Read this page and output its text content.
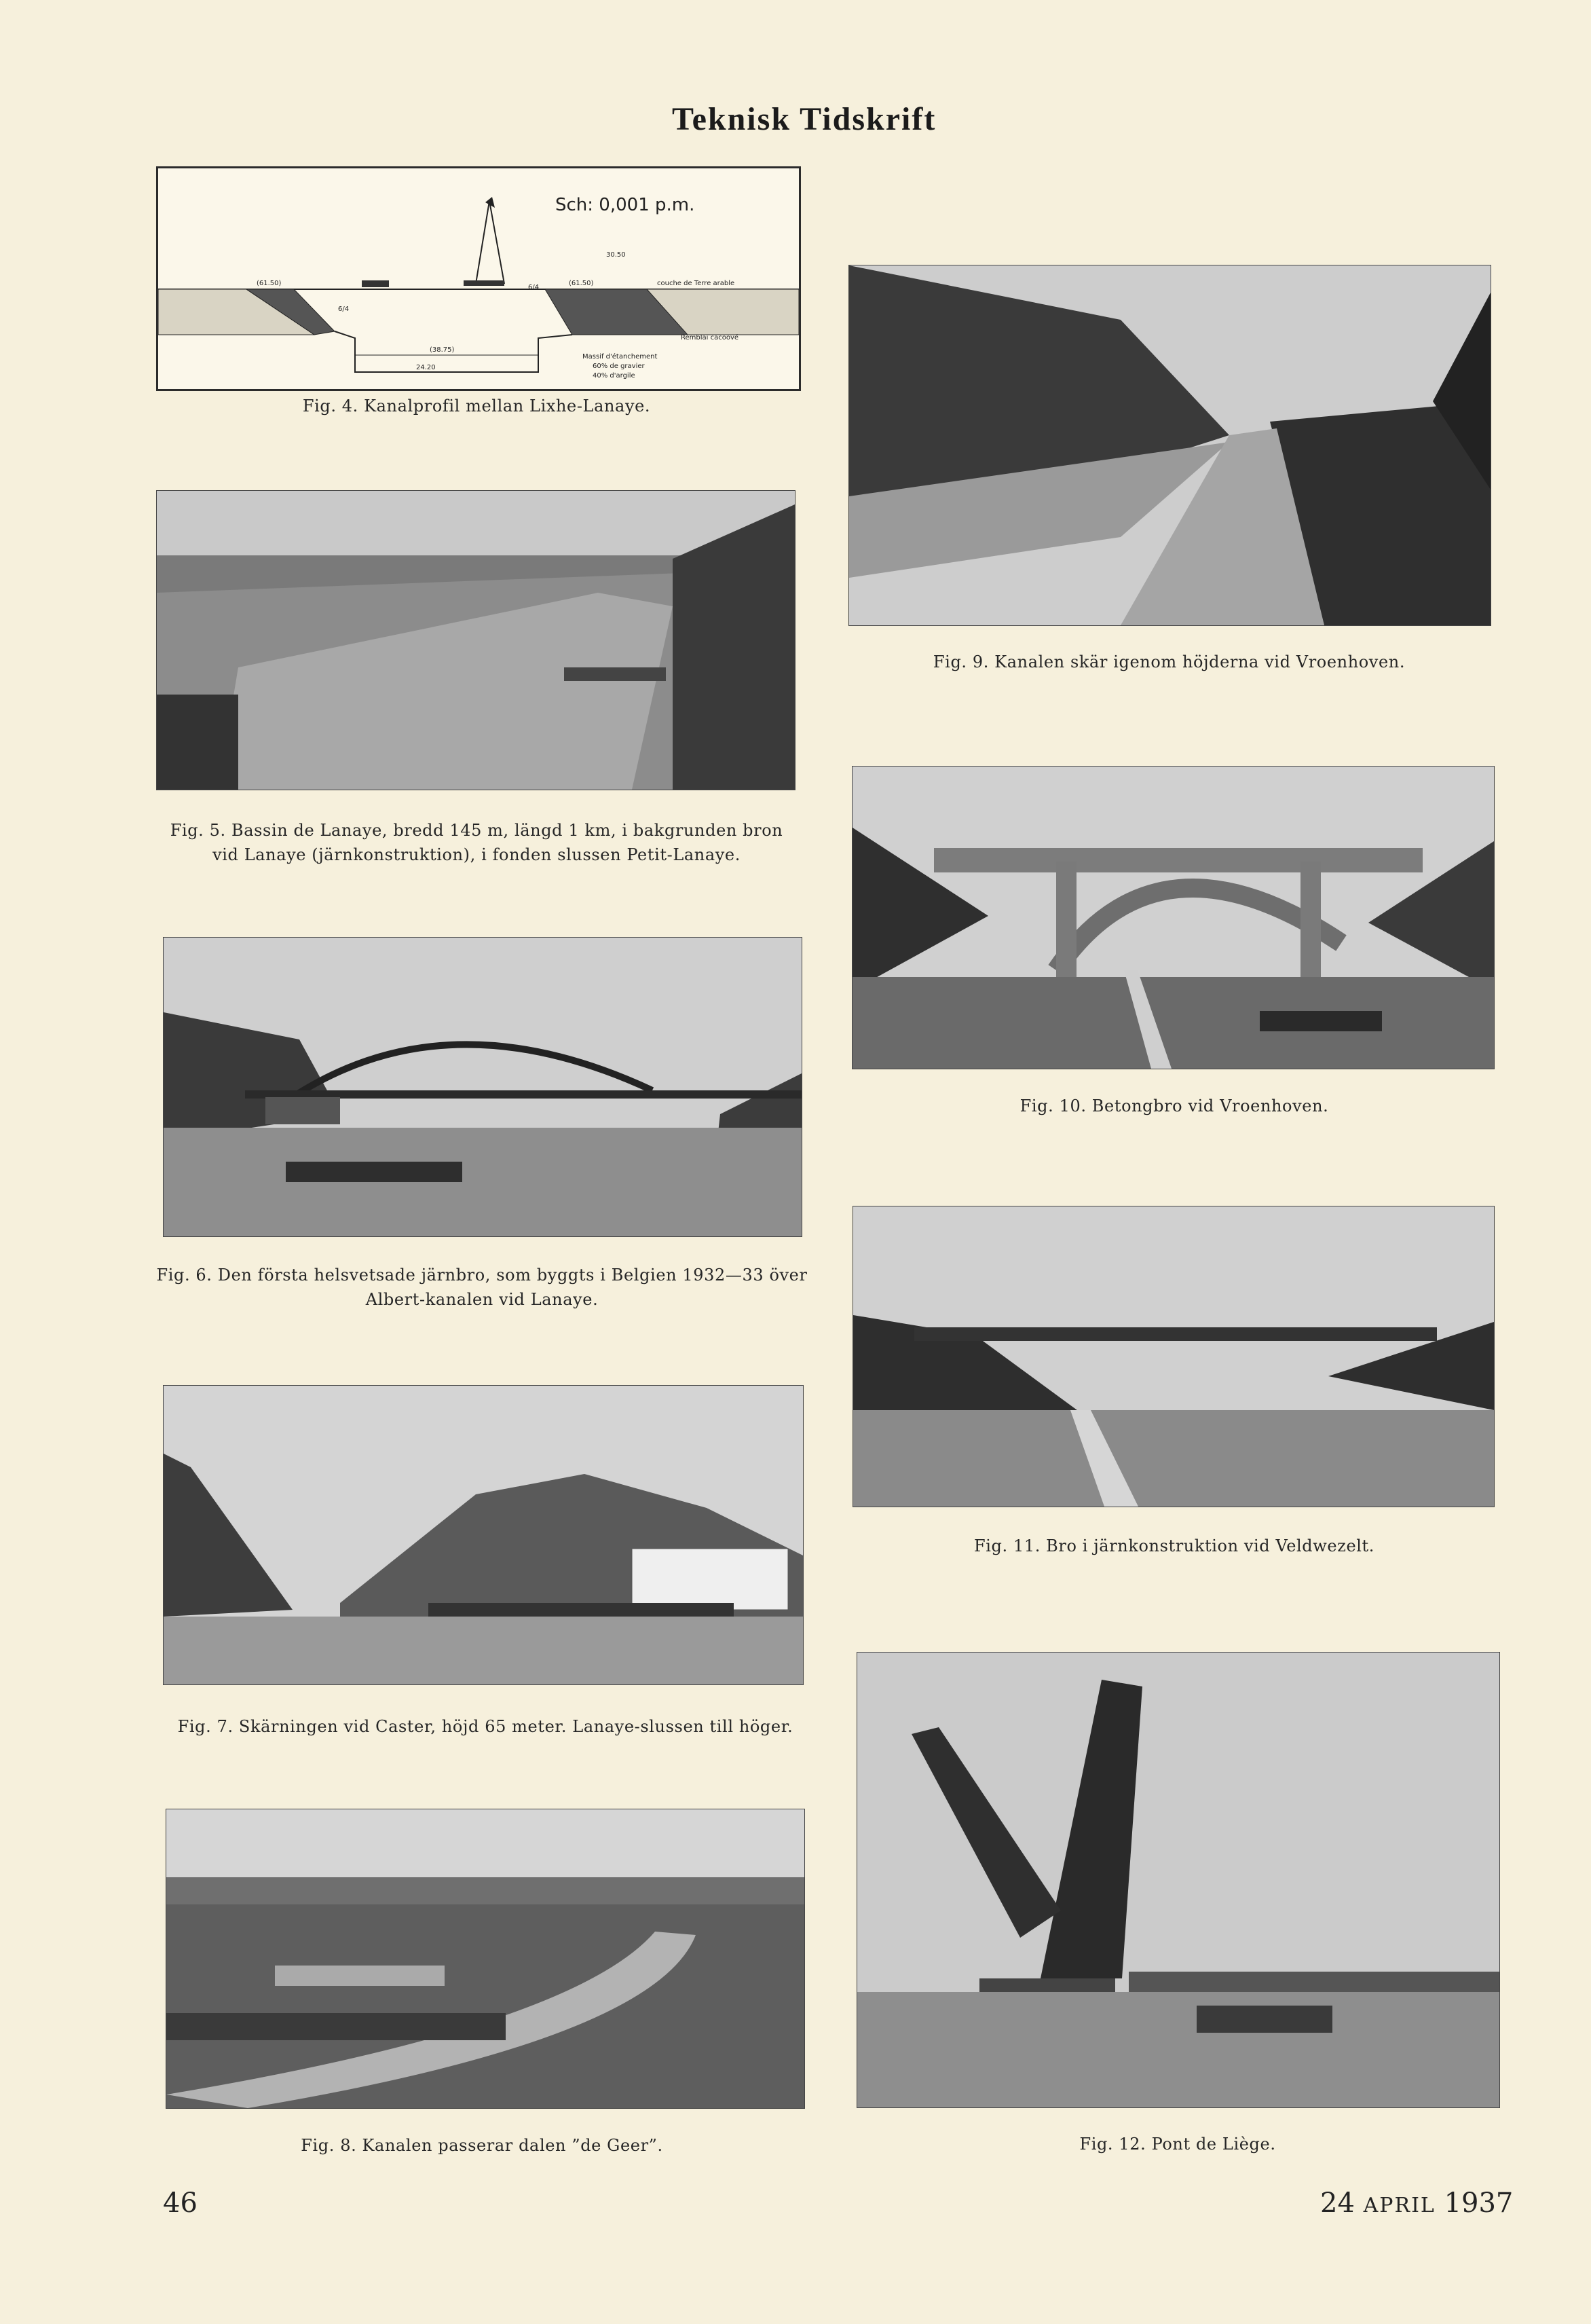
Teknisk Tidskrift
Sch: 0,001 p.m.
(61.50)	(61.50)
30.50
couche de Terre arable
(38.75)
24.20
6/4
6/4
Remblai cacoové
Massif d'étanchement
60% de gravier
40% d'argile
Fig. 4. Kanalprofil mellan Lixhe-Lanaye.
Fig. 5. Bassin de Lanaye, bredd 145 m, längd 1 km, i bakgrunden bron vid Lanaye (järnkonstruktion), i fonden slussen Petit-Lanaye.
Fig. 6. Den första helsvetsade järnbro, som byggts i Belgien 1932—33 över Albert-kanalen vid Lanaye.
Fig. 7. Skärningen vid Caster, höjd 65 meter. Lanaye-slussen till höger.
Fig. 8. Kanalen passerar dalen ”de Geer”.
Fig. 9. Kanalen skär igenom höjderna vid Vroenhoven.
Fig. 10. Betongbro vid Vroenhoven.
Fig. 11. Bro i järnkonstruktion vid Veldwezelt.
Fig. 12. Pont de Liège.
46	24 APRIL 1937
